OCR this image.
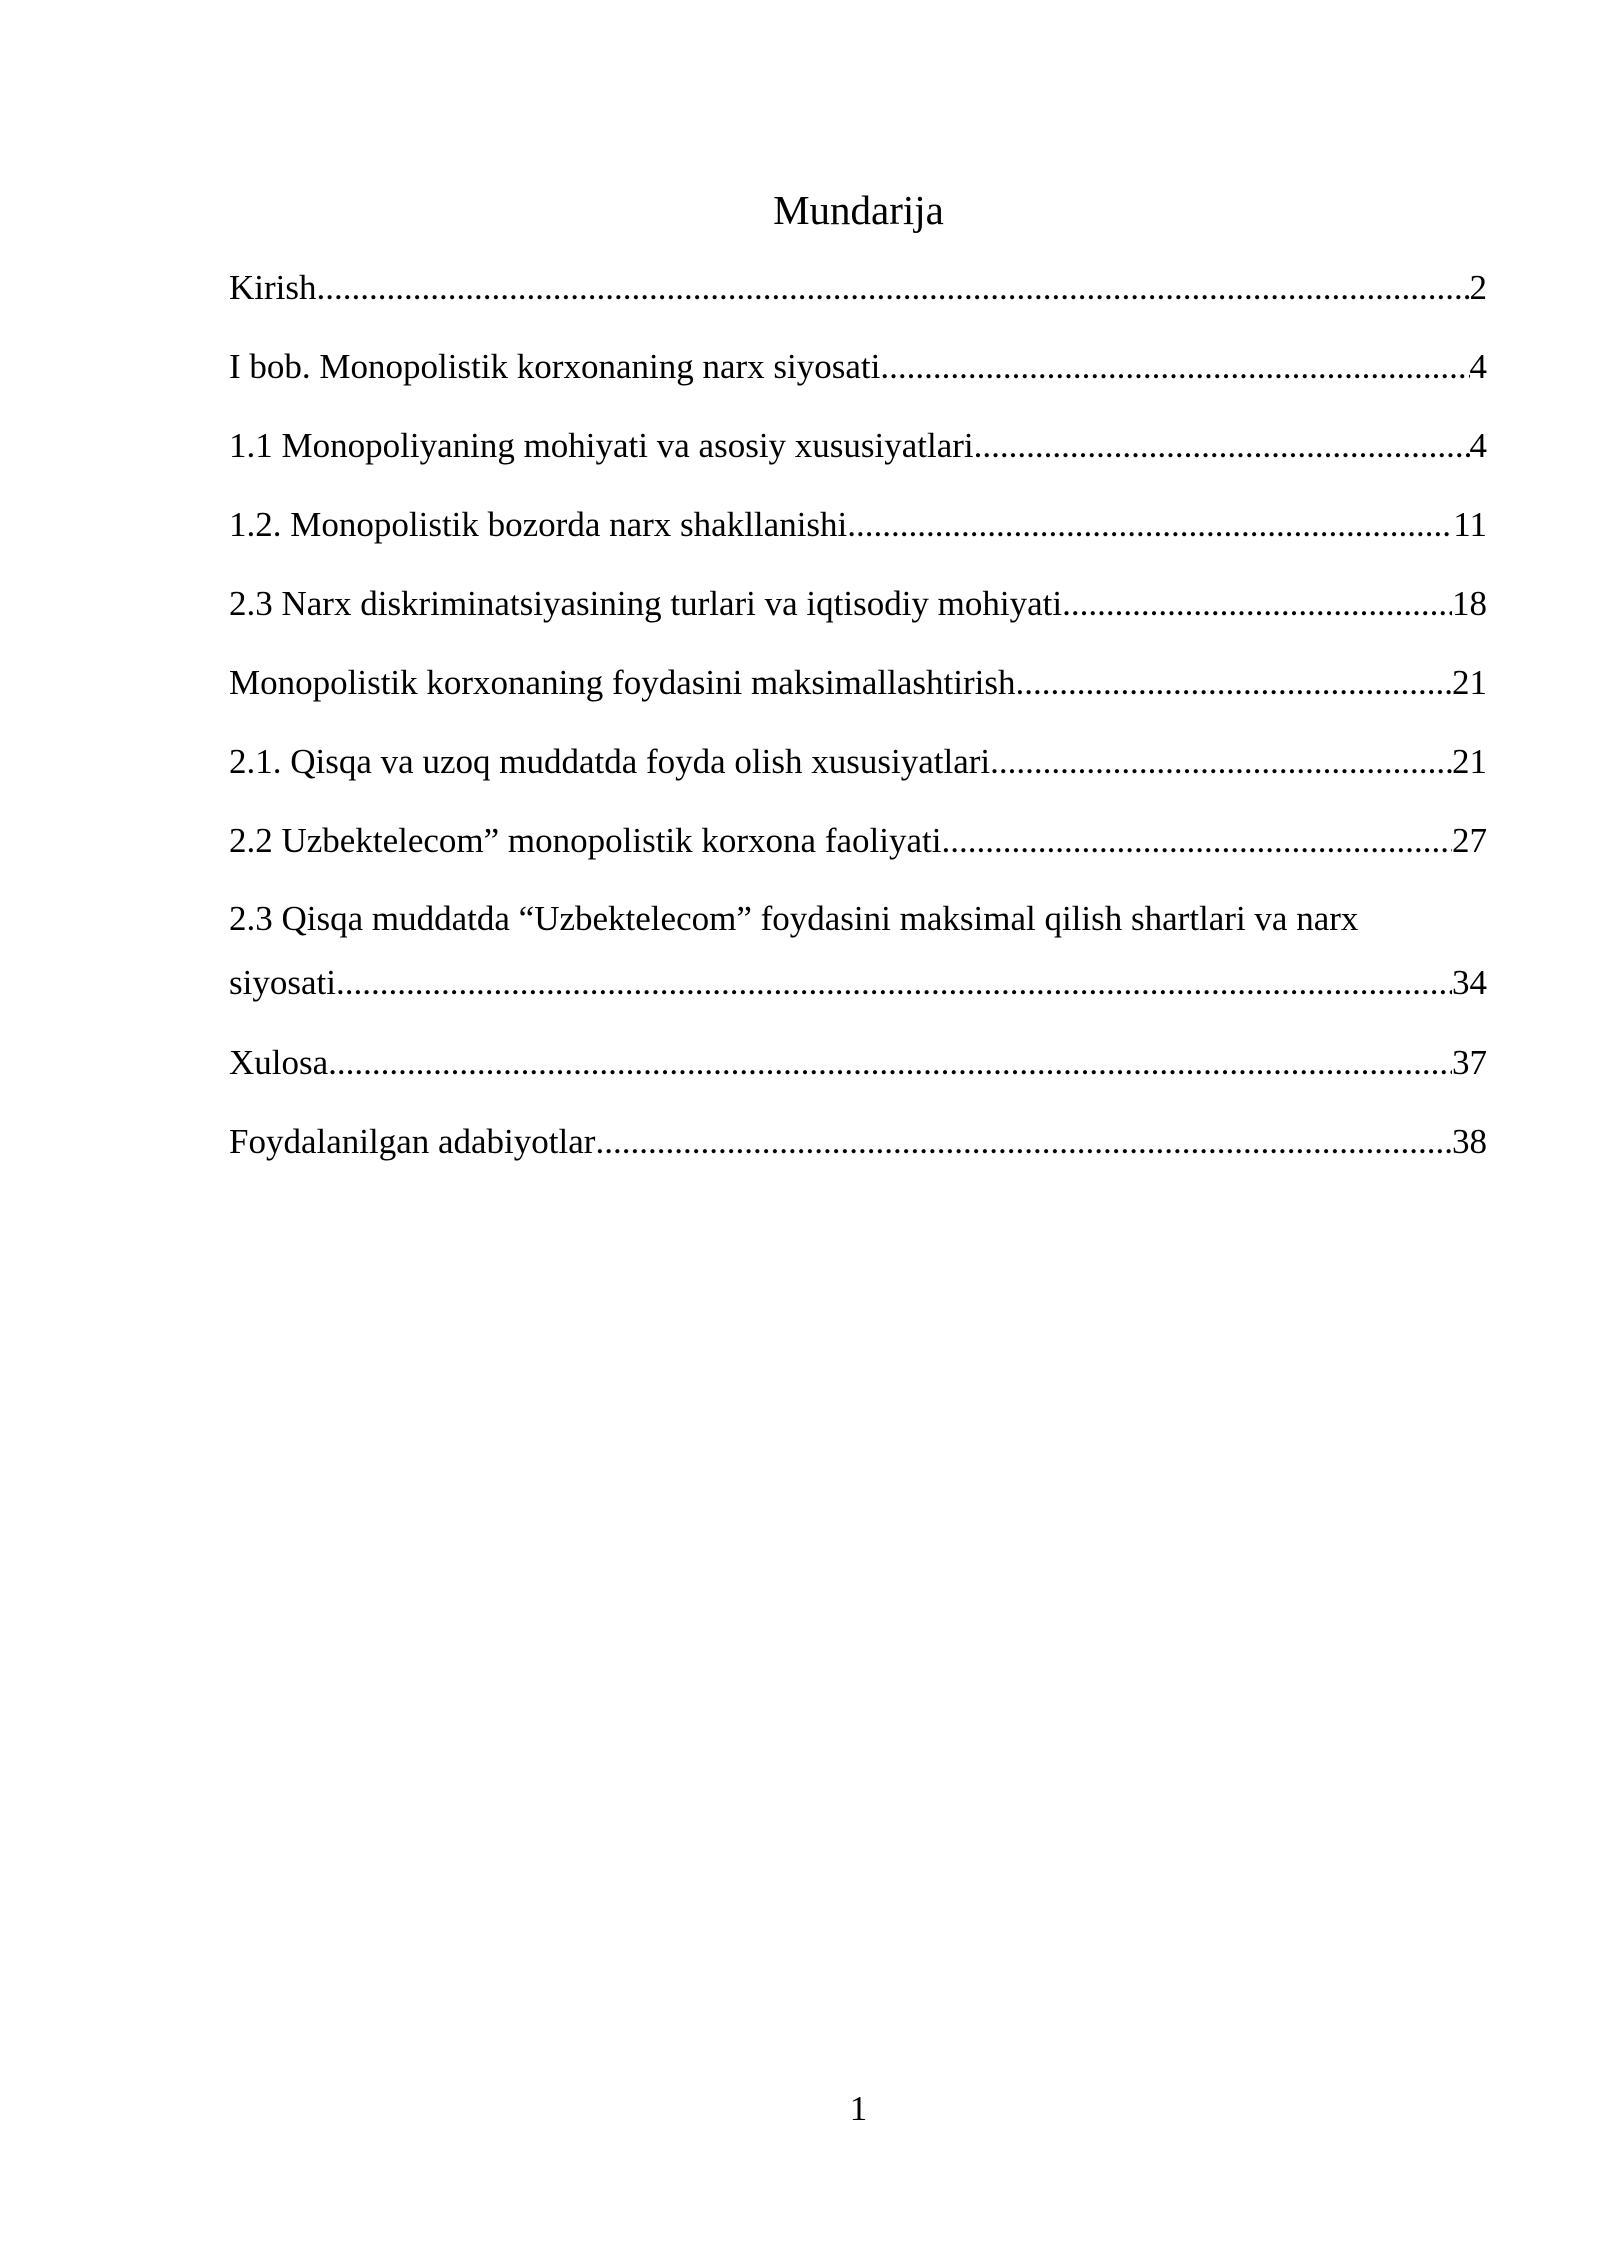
Mundarija
Kirish .....	2
I bob. Monopolistik korxonaning narx siyosati .....	4
1.1 Monopoliyaning mohiyati va asosiy xususiyatlari .....	4
1.2. Monopolistik bozorda narx shakllanishi .....	11
2.3 Narx diskriminatsiyasining turlari va iqtisodiy mohiyati .....	18
Monopolistik korxonaning foydasini maksimallashtirish .....	21
2.1. Qisqa va uzoq muddatda foyda olish xususiyatlari .....	21
2.2 Uzbektelecom” monopolistik korxona faoliyati .....	27
2.3 Qisqa muddatda “Uzbektelecom” foydasini maksimal qilish shartlari va narx
siyosati .....	34
Xulosa .....	37
Foydalanilgan adabiyotlar .....	38
1
